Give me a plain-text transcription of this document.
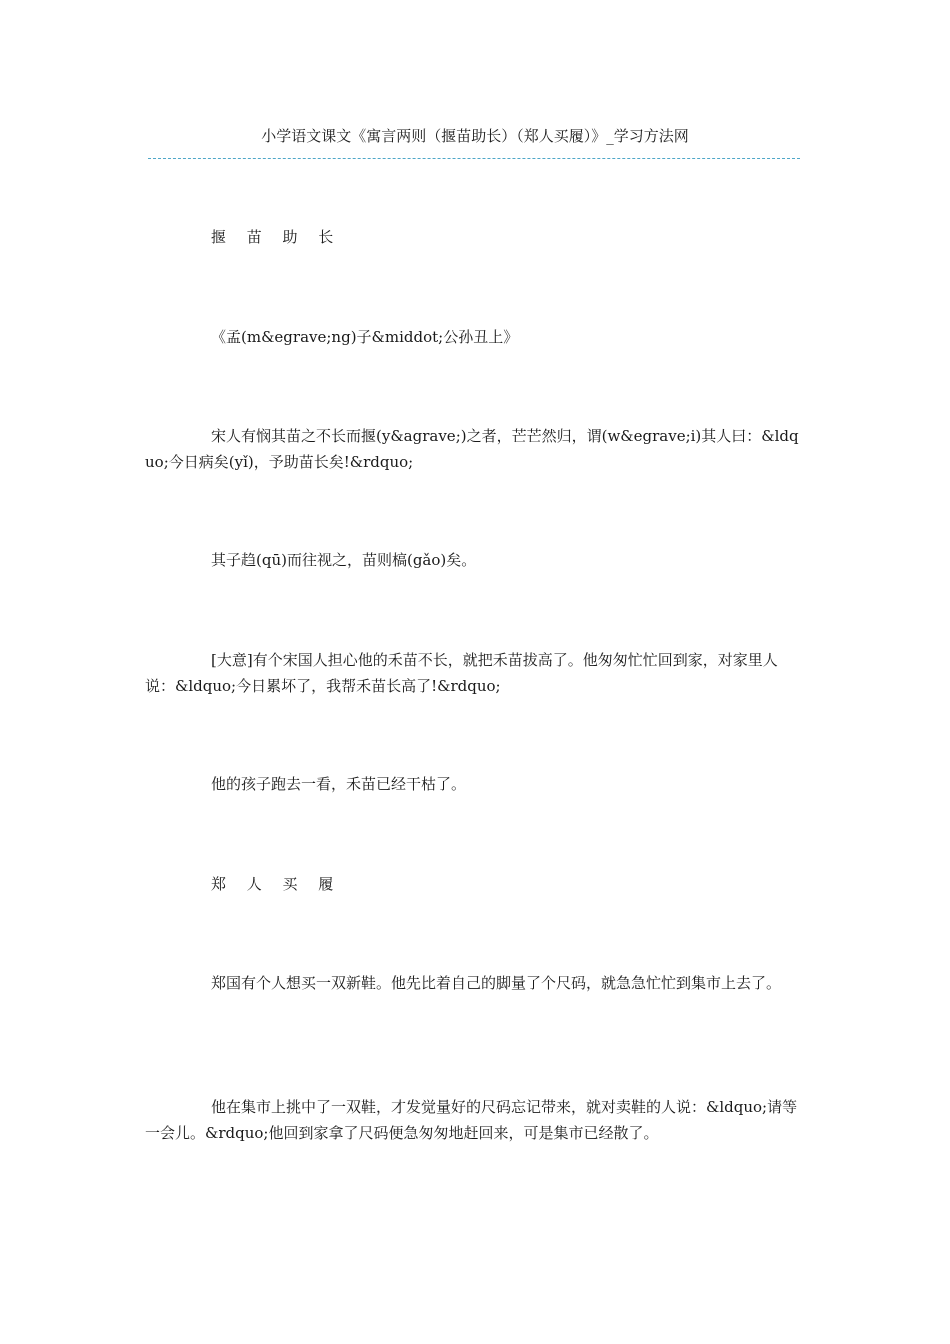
小学语文课文《寓言两则（揠苗助长）（郑人买履）》_学习方法网

揠 苗 助 长

《孟(m&egrave;ng)子&middot;公孙丑上》

宋人有悯其苗之不长而揠(y&agrave;)之者，芒芒然归，谓(w&egrave;i)其人曰：&ldquo;今日病矣(yǐ)，予助苗长矣!&rdquo;

其子趋(qū)而往视之，苗则槁(gǎo)矣。

[大意]有个宋国人担心他的禾苗不长，就把禾苗拔高了。他匆匆忙忙回到家，对家里人说：&ldquo;今日累坏了，我帮禾苗长高了!&rdquo;

他的孩子跑去一看，禾苗已经干枯了。

郑 人 买 履

郑国有个人想买一双新鞋。他先比着自己的脚量了个尺码，就急急忙忙到集市上去了。

他在集市上挑中了一双鞋，才发觉量好的尺码忘记带来，就对卖鞋的人说：&ldquo;请等一会儿。&rdquo;他回到家拿了尺码便急匆匆地赶回来，可是集市已经散了。
